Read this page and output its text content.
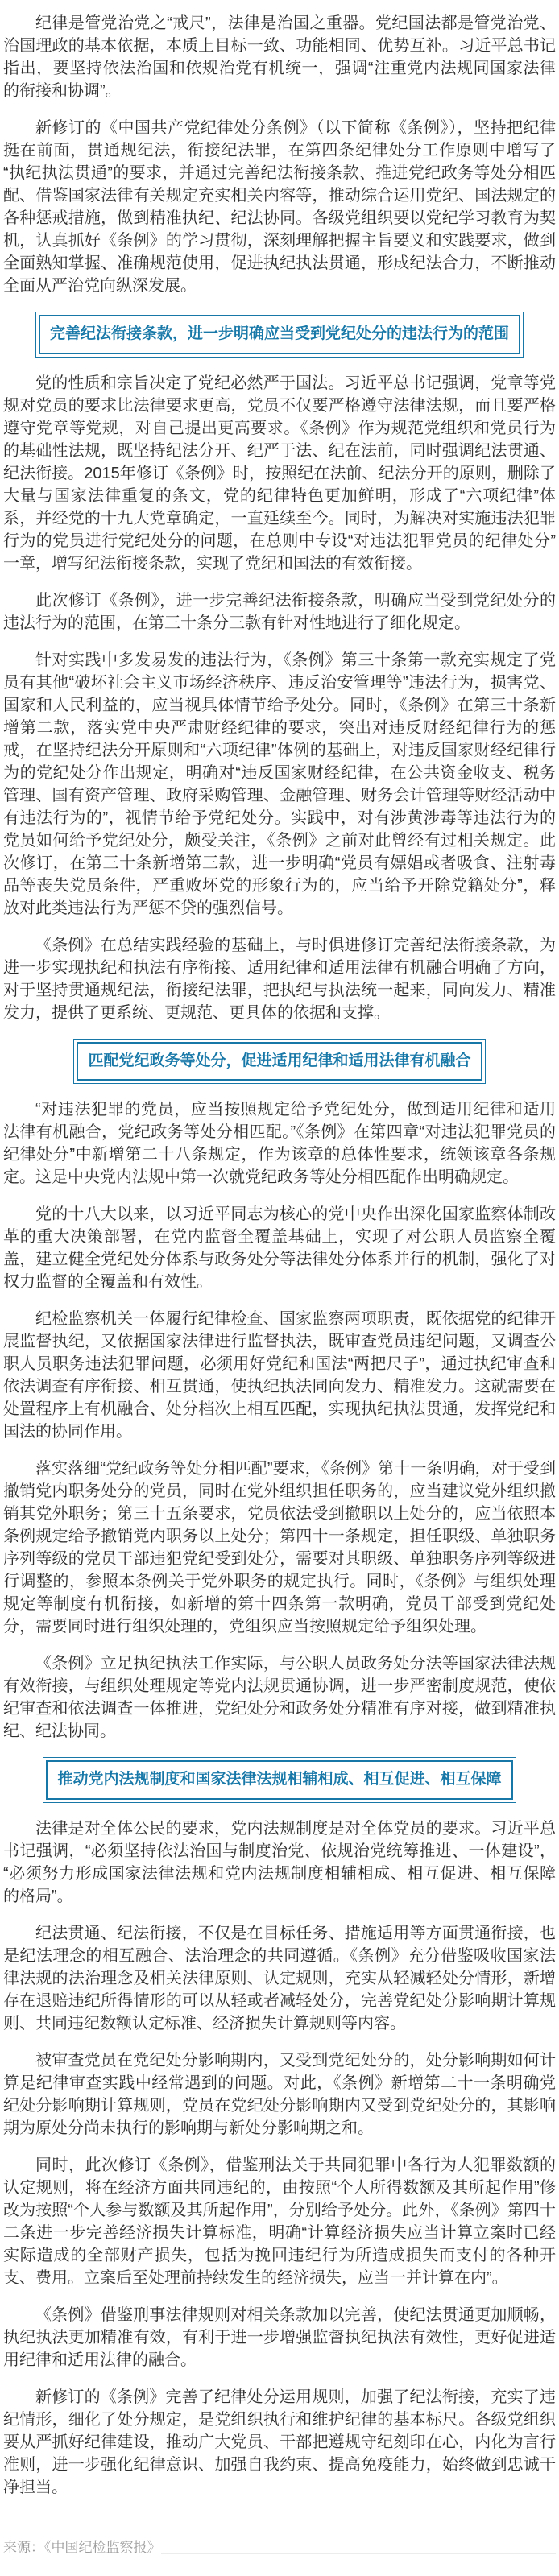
纪律是管党治党之“戒尺”，法律是治国之重器。党纪国法都是管党治党、治国理政的基本依据，本质上目标一致、功能相同、优势互补。习近平总书记指出，要坚持依法治国和依规治党有机统一，强调“注重党内法规同国家法律的衔接和协调”。

新修订的《中国共产党纪律处分条例》（以下简称《条例》），坚持把纪律挺在前面，贯通规纪法，衔接纪法罪，在第四条纪律处分工作原则中增写了“执纪执法贯通”的要求，并通过完善纪法衔接条款、推进党纪政务等处分相匹配、借鉴国家法律有关规定充实相关内容等，推动综合运用党纪、国法规定的各种惩戒措施，做到精准执纪、纪法协同。各级党组织要以党纪学习教育为契机，认真抓好《条例》的学习贯彻，深刻理解把握主旨要义和实践要求，做到全面熟知掌握、准确规范使用，促进执纪执法贯通，形成纪法合力，不断推动全面从严治党向纵深发展。

完善纪法衔接条款，进一步明确应当受到党纪处分的违法行为的范围

党的性质和宗旨决定了党纪必然严于国法。习近平总书记强调，党章等党规对党员的要求比法律要求更高，党员不仅要严格遵守法律法规，而且要严格遵守党章等党规，对自己提出更高要求。《条例》作为规范党组织和党员行为的基础性法规，既坚持纪法分开、纪严于法、纪在法前，同时强调纪法贯通、纪法衔接。2015年修订《条例》时，按照纪在法前、纪法分开的原则，删除了大量与国家法律重复的条文，党的纪律特色更加鲜明，形成了“六项纪律”体系，并经党的十九大党章确定，一直延续至今。同时，为解决对实施违法犯罪行为的党员进行党纪处分的问题，在总则中专设“对违法犯罪党员的纪律处分”一章，增写纪法衔接条款，实现了党纪和国法的有效衔接。

此次修订《条例》，进一步完善纪法衔接条款，明确应当受到党纪处分的违法行为的范围，在第三十条分三款有针对性地进行了细化规定。

针对实践中多发易发的违法行为，《条例》第三十条第一款充实规定了党员有其他“破坏社会主义市场经济秩序、违反治安管理等”违法行为，损害党、国家和人民利益的，应当视具体情节给予处分。同时，《条例》在第三十条新增第二款，落实党中央严肃财经纪律的要求，突出对违反财经纪律行为的惩戒，在坚持纪法分开原则和“六项纪律”体例的基础上，对违反国家财经纪律行为的党纪处分作出规定，明确对“违反国家财经纪律，在公共资金收支、税务管理、国有资产管理、政府采购管理、金融管理、财务会计管理等财经活动中有违法行为的”，视情节给予党纪处分。实践中，对有涉黄涉毒等违法行为的党员如何给予党纪处分，颇受关注，《条例》之前对此曾经有过相关规定。此次修订，在第三十条新增第三款，进一步明确“党员有嫖娼或者吸食、注射毒品等丧失党员条件，严重败坏党的形象行为的，应当给予开除党籍处分”，释放对此类违法行为严惩不贷的强烈信号。

《条例》在总结实践经验的基础上，与时俱进修订完善纪法衔接条款，为进一步实现执纪和执法有序衔接、适用纪律和适用法律有机融合明确了方向，对于坚持贯通规纪法，衔接纪法罪，把执纪与执法统一起来，同向发力、精准发力，提供了更系统、更规范、更具体的依据和支撑。

匹配党纪政务等处分，促进适用纪律和适用法律有机融合

“对违法犯罪的党员，应当按照规定给予党纪处分，做到适用纪律和适用法律有机融合，党纪政务等处分相匹配。”《条例》在第四章“对违法犯罪党员的纪律处分”中新增第二十八条规定，作为该章的总体性要求，统领该章各条规定。这是中央党内法规中第一次就党纪政务等处分相匹配作出明确规定。

党的十八大以来，以习近平同志为核心的党中央作出深化国家监察体制改革的重大决策部署，在党内监督全覆盖基础上，实现了对公职人员监察全覆盖，建立健全党纪处分体系与政务处分等法律处分体系并行的机制，强化了对权力监督的全覆盖和有效性。

纪检监察机关一体履行纪律检查、国家监察两项职责，既依据党的纪律开展监督执纪，又依据国家法律进行监督执法，既审查党员违纪问题，又调查公职人员职务违法犯罪问题，必须用好党纪和国法“两把尺子”，通过执纪审查和依法调查有序衔接、相互贯通，使执纪执法同向发力、精准发力。这就需要在处置程序上有机融合、处分档次上相互匹配，实现执纪执法贯通，发挥党纪和国法的协同作用。

落实落细“党纪政务等处分相匹配”要求，《条例》第十一条明确，对于受到撤销党内职务处分的党员，同时在党外组织担任职务的，应当建议党外组织撤销其党外职务；第三十五条要求，党员依法受到撤职以上处分的，应当依照本条例规定给予撤销党内职务以上处分；第四十一条规定，担任职级、单独职务序列等级的党员干部违犯党纪受到处分，需要对其职级、单独职务序列等级进行调整的，参照本条例关于党外职务的规定执行。同时，《条例》与组织处理规定等制度有机衔接，如新增的第十四条第一款明确，党员干部受到党纪处分，需要同时进行组织处理的，党组织应当按照规定给予组织处理。

《条例》立足执纪执法工作实际，与公职人员政务处分法等国家法律法规有效衔接，与组织处理规定等党内法规贯通协调，进一步严密制度规范，使依纪审查和依法调查一体推进，党纪处分和政务处分精准有序对接，做到精准执纪、纪法协同。

推动党内法规制度和国家法律法规相辅相成、相互促进、相互保障

法律是对全体公民的要求，党内法规制度是对全体党员的要求。习近平总书记强调，“必须坚持依法治国与制度治党、依规治党统筹推进、一体建设”，“必须努力形成国家法律法规和党内法规制度相辅相成、相互促进、相互保障的格局”。

纪法贯通、纪法衔接，不仅是在目标任务、措施适用等方面贯通衔接，也是纪法理念的相互融合、法治理念的共同遵循。《条例》充分借鉴吸收国家法律法规的法治理念及相关法律原则、认定规则，充实从轻减轻处分情形，新增存在退赔违纪所得情形的可以从轻或者减轻处分，完善党纪处分影响期计算规则、共同违纪数额认定标准、经济损失计算规则等内容。

被审查党员在党纪处分影响期内，又受到党纪处分的，处分影响期如何计算是纪律审查实践中经常遇到的问题。对此，《条例》新增第二十一条明确党纪处分影响期计算规则，党员在党纪处分影响期内又受到党纪处分的，其影响期为原处分尚未执行的影响期与新处分影响期之和。

同时，此次修订《条例》，借鉴刑法关于共同犯罪中各行为人犯罪数额的认定规则，将在经济方面共同违纪的，由按照“个人所得数额及其所起作用”修改为按照“个人参与数额及其所起作用”，分别给予处分。此外，《条例》第四十二条进一步完善经济损失计算标准，明确“计算经济损失应当计算立案时已经实际造成的全部财产损失，包括为挽回违纪行为所造成损失而支付的各种开支、费用。立案后至处理前持续发生的经济损失，应当一并计算在内”。

《条例》借鉴刑事法律规则对相关条款加以完善，使纪法贯通更加顺畅，执纪执法更加精准有效，有利于进一步增强监督执纪执法有效性，更好促进适用纪律和适用法律的融合。

新修订的《条例》完善了纪律处分运用规则，加强了纪法衔接，充实了违纪情形，细化了处分规定，是党组织执行和维护纪律的基本标尺。各级党组织要从严抓好纪律建设，推动广大党员、干部把遵规守纪刻印在心，内化为言行准则，进一步强化纪律意识、加强自我约束、提高免疫能力，始终做到忠诚干净担当。

来源：《中国纪检监察报》
